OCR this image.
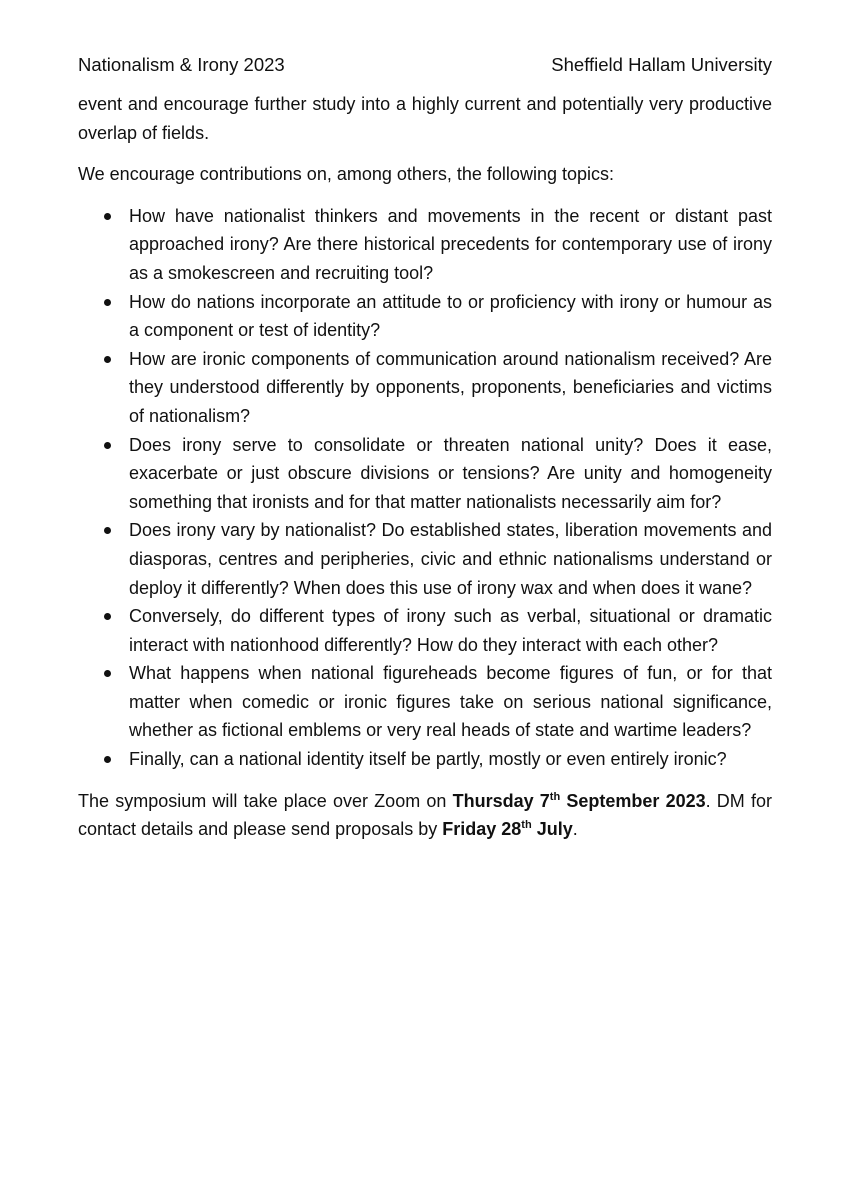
Nationalism & Irony 2023	Sheffield Hallam University

event and encourage further study into a highly current and potentially very productive overlap of fields.

We encourage contributions on, among others, the following topics:

How have nationalist thinkers and movements in the recent or distant past approached irony? Are there historical precedents for contemporary use of irony as a smokescreen and recruiting tool?
How do nations incorporate an attitude to or proficiency with irony or humour as a component or test of identity?
How are ironic components of communication around nationalism received? Are they understood differently by opponents, proponents, beneficiaries and victims of nationalism?
Does irony serve to consolidate or threaten national unity? Does it ease, exacerbate or just obscure divisions or tensions? Are unity and homogeneity something that ironists and for that matter nationalists necessarily aim for?
Does irony vary by nationalist? Do established states, liberation movements and diasporas, centres and peripheries, civic and ethnic nationalisms understand or deploy it differently? When does this use of irony wax and when does it wane?
Conversely, do different types of irony such as verbal, situational or dramatic interact with nationhood differently? How do they interact with each other?
What happens when national figureheads become figures of fun, or for that matter when comedic or ironic figures take on serious national significance, whether as fictional emblems or very real heads of state and wartime leaders?
Finally, can a national identity itself be partly, mostly or even entirely ironic?

The symposium will take place over Zoom on Thursday 7th September 2023. DM for contact details and please send proposals by Friday 28th July.
